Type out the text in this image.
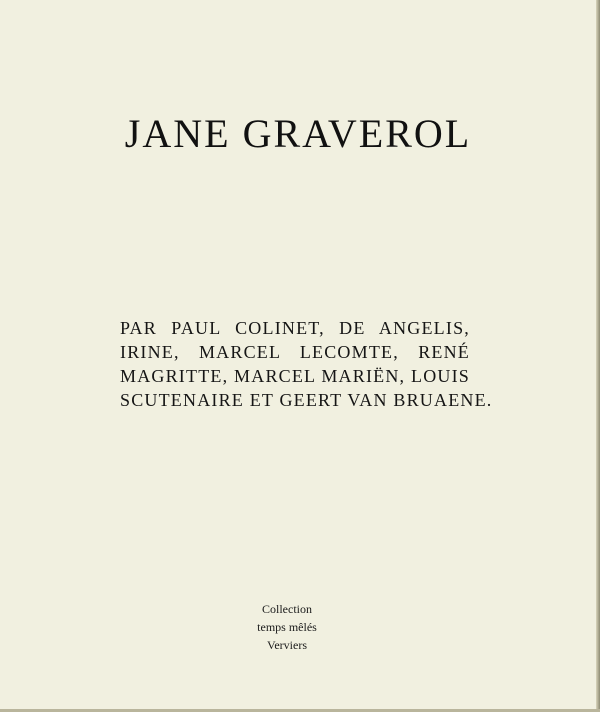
JANE GRAVEROL
PAR PAUL COLINET, DE ANGELIS,
IRINE, MARCEL LECOMTE, RENÉ
MAGRITTE, MARCEL MARIËN, LOUIS
SCUTENAIRE ET GEERT VAN BRUAENE.
Collection
temps mêlés
Verviers
